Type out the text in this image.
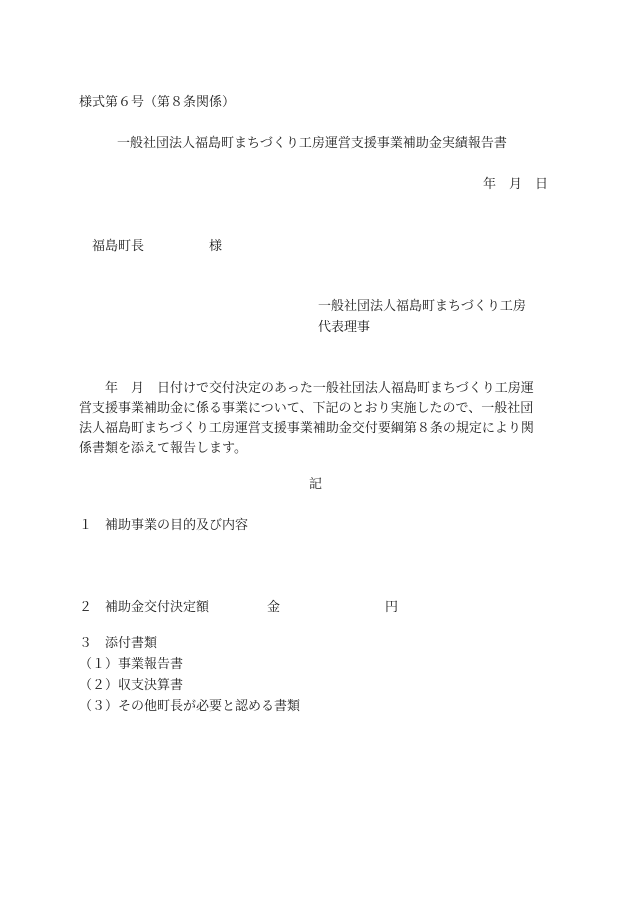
様式第６号（第８条関係）
一般社団法人福島町まちづくり工房運営支援事業補助金実績報告書
年　月　日
福島町長　　　　　様
一般社団法人福島町まちづくり工房
代表理事

年　月　日付けで交付決定のあった一般社団法人福島町まちづくり工房運

営支援事業補助金に係る事業について、下記のとおり実施したので、一般社団

法人福島町まちづくり工房運営支援事業補助金交付要綱第８条の規定により関

係書類を添えて報告します。

記
１　補助事業の目的及び内容
２　補助金交付決定額	金	円
３　添付書類
（１）事業報告書
（２）収支決算書
（３）その他町長が必要と認める書類
